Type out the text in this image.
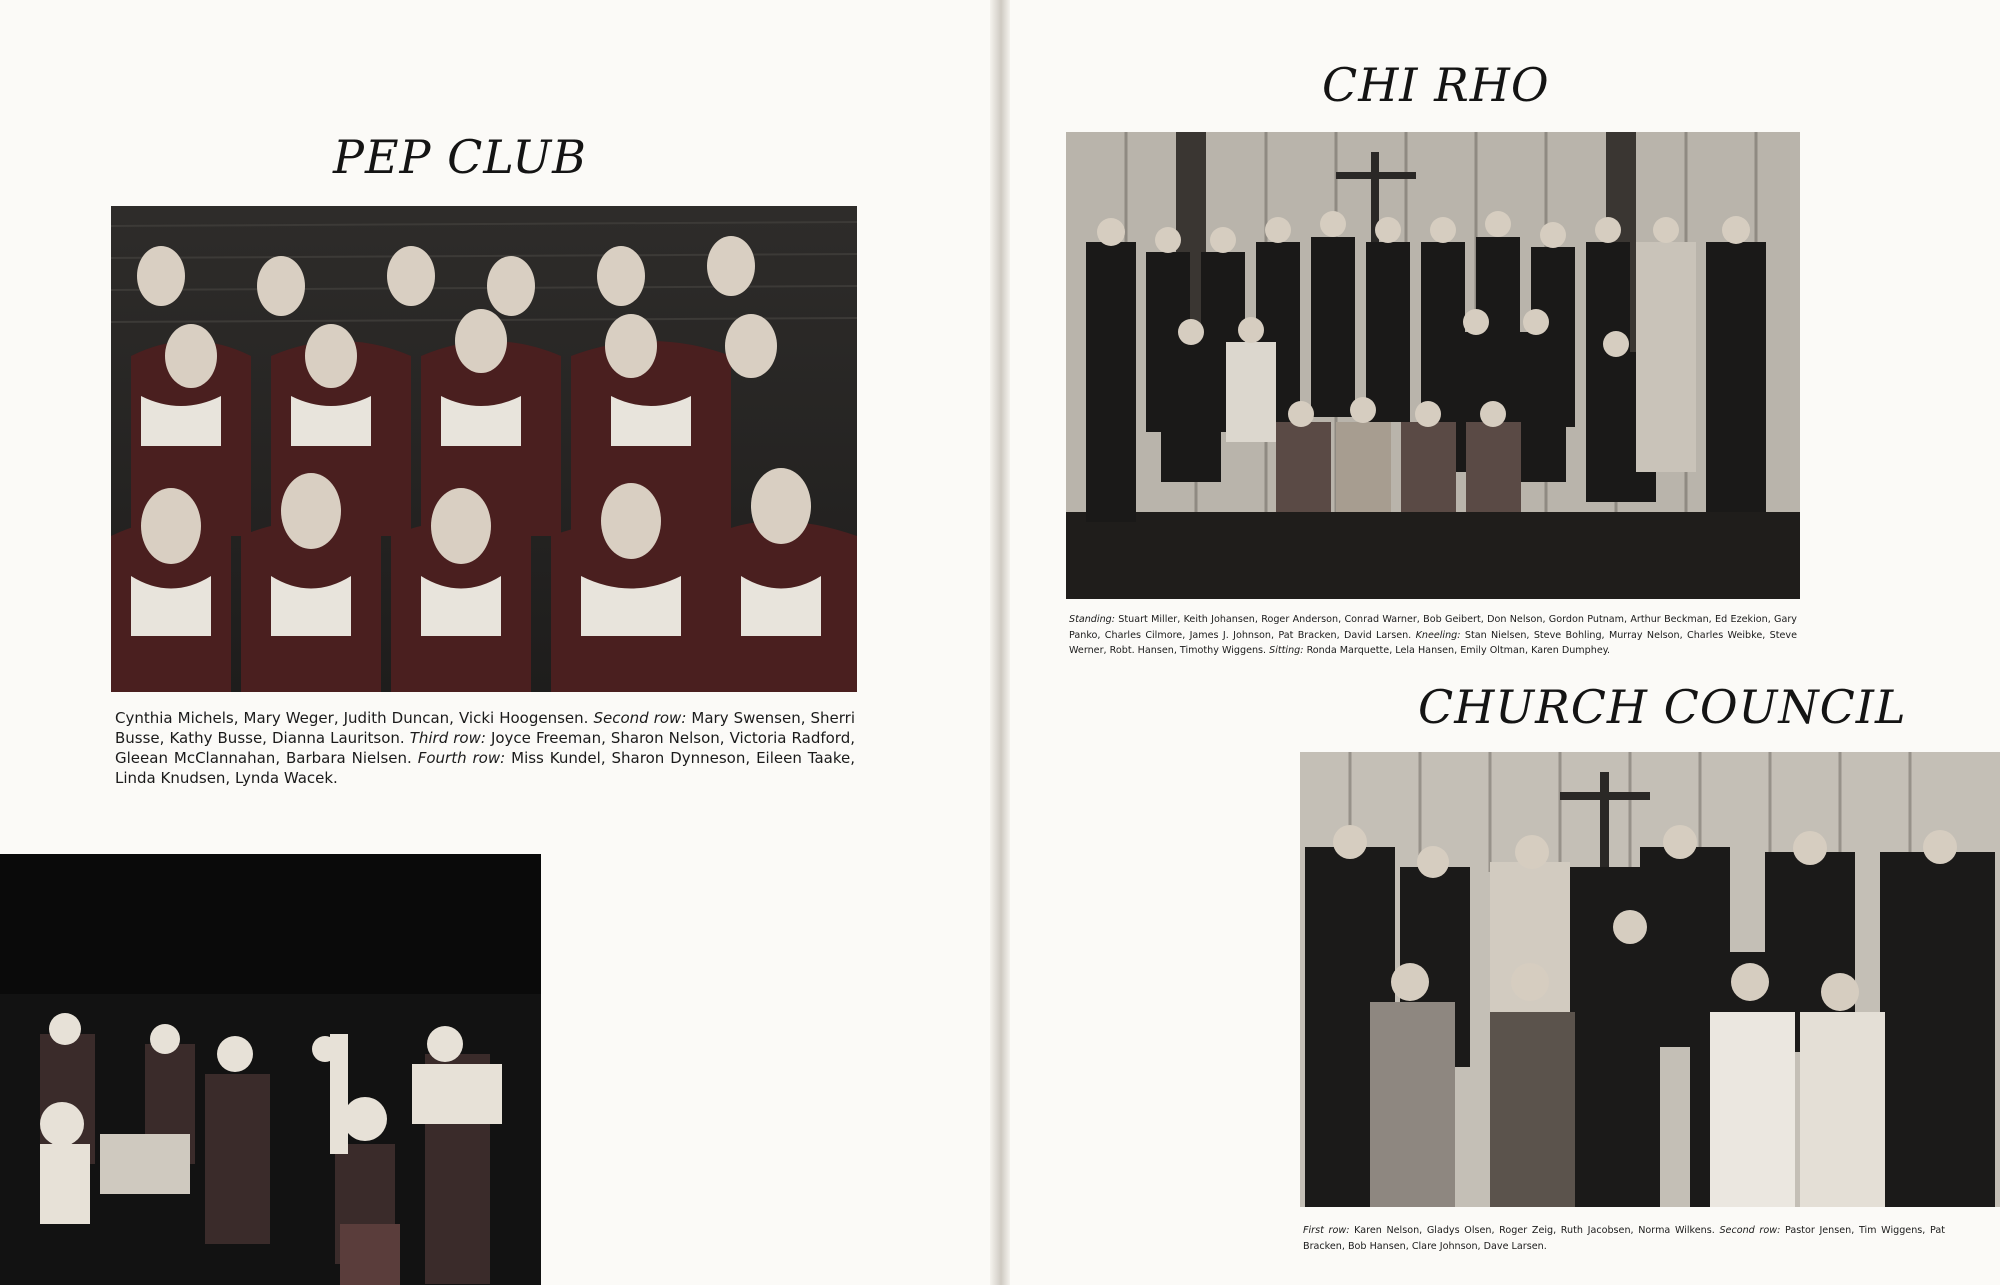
PEP CLUB
Cynthia Michels, Mary Weger, Judith Duncan, Vicki Hoogensen. Second row: Mary Swensen, Sherri Busse, Kathy Busse, Dianna Lauritson. Third row: Joyce Freeman, Sharon Nelson, Victoria Radford, Gleean McClannahan, Barbara Nielsen. Fourth row: Miss Kundel, Sharon Dynneson, Eileen Taake, Linda Knudsen, Lynda Wacek.
CHI RHO
Standing: Stuart Miller, Keith Johansen, Roger Anderson, Conrad Warner, Bob Geibert, Don Nelson, Gordon Putnam, Arthur Beckman, Ed Ezekion, Gary Panko, Charles Cilmore, James J. Johnson, Pat Bracken, David Larsen. Kneeling: Stan Nielsen, Steve Bohling, Murray Nelson, Charles Weibke, Steve Werner, Robt. Hansen, Timothy Wiggens. Sitting: Ronda Marquette, Lela Hansen, Emily Oltman, Karen Dumphey.
CHURCH COUNCIL
First row: Karen Nelson, Gladys Olsen, Roger Zeig, Ruth Jacobsen, Norma Wilkens. Second row: Pastor Jensen, Tim Wiggens, Pat Bracken, Bob Hansen, Clare Johnson, Dave Larsen.
